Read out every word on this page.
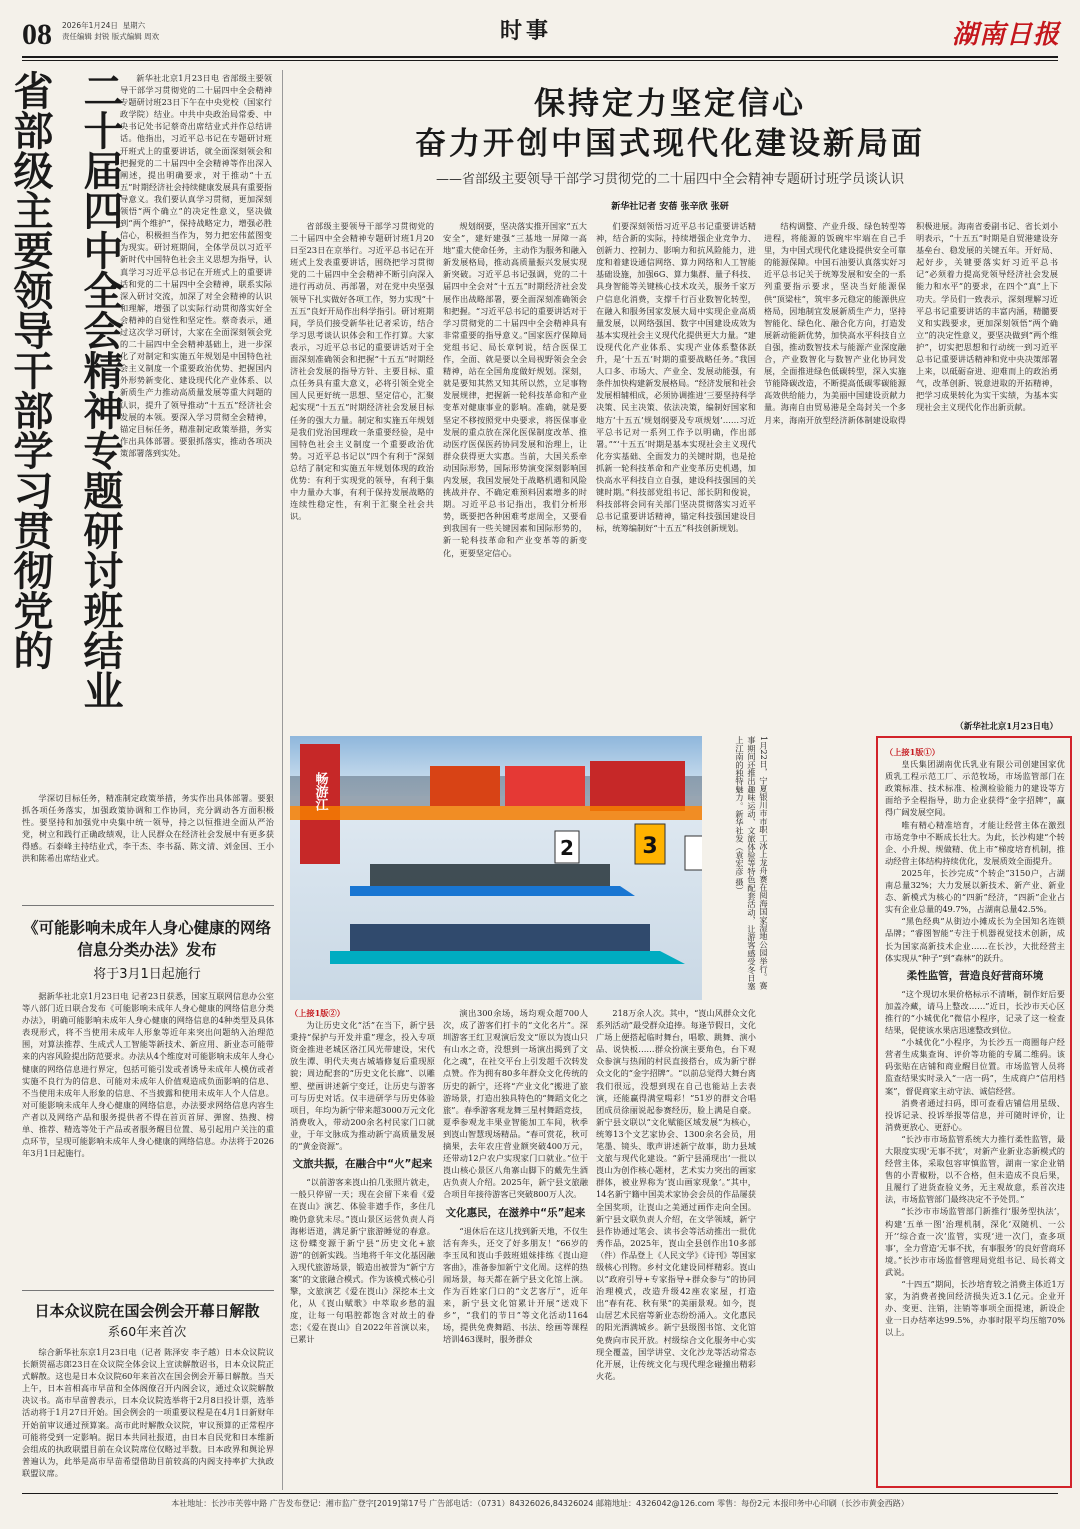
08 2026年1月24日 星期六
责任编辑 封锐 版式编辑 周欢	时事	湖南日报
二十届四中全会精神专题研讨班结业
省部级主要领导干部学习贯彻党的	新华社北京1月23日电 省部级主要领导干部学习贯彻党的二十届四中全会精神专题研讨班23日下午在中央党校（国家行政学院）结业。中共中央政治局常委、中央书记处书记蔡奇出席结业式并作总结讲话。他指出，习近平总书记在专题研讨班开班式上的重要讲话，就全面深刻领会和把握党的二十届四中全会精神等作出深入阐述，提出明确要求，对于推动“十五五”时期经济社会持续健康发展具有重要指导意义。我们要认真学习贯彻，更加深刻领悟“两个确立”的决定性意义，坚决做到“两个维护”，保持战略定力，增强必胜信心，积极担当作为，努力把宏伟蓝图变为现实。研讨班期间，全体学员以习近平新时代中国特色社会主义思想为指导，认真学习习近平总书记在开班式上的重要讲话和党的二十届四中全会精神，联系实际深入研讨交流，加深了对全会精神的认识和理解，增强了以实际行动贯彻落实好全会精神的自觉性和坚定性。蔡奇表示，通过这次学习研讨，大家在全面深刻领会党的二十届四中全会精神基础上，进一步深化了对制定和实施五年规划是中国特色社会主义制度一个重要政治优势、把握国内外形势新变化、建设现代化产业体系、以新质生产力推动高质量发展等重大问题的认识，提升了领导推动“十五五”经济社会发展的本领。要深入学习贯彻全会精神，锚定目标任务，精准制定政策举措，务实作出具体部署。要狠抓落实，推动各项决策部署落到实处。

学深切目标任务，精准制定政策举措，务实作出具体部署。要狠抓各项任务落实，加强政策协调和工作协同，充分调动各方面积极性。要坚持和加强党中央集中统一领导，持之以恒推进全面从严治党，树立和践行正确政绩观，让人民群众在经济社会发展中有更多获得感。石泰峰主持结业式，李干杰、李书磊、陈文清、刘金国、王小洪和陈希出席结业式。

《可能影响未成年人身心健康的网络信息分类办法》发布
将于3月1日起施行

据新华社北京1月23日电 记者23日获悉，国家互联网信息办公室等八部门近日联合发布《可能影响未成年人身心健康的网络信息分类办法》，明确可能影响未成年人身心健康的网络信息的4种类型及具体表现形式，将不当使用未成年人形象等近年来突出问题纳入治理范围，对算法推荐、生成式人工智能等新技术、新应用、新业态可能带来的内容风险提出防范要求。办法从4个维度对可能影响未成年人身心健康的网络信息进行界定，包括可能引发或者诱导未成年人模仿或者实施不良行为的信息、可能对未成年人价值观造成负面影响的信息、不当使用未成年人形象的信息、不当披露和使用未成年人个人信息。对可能影响未成年人身心健康的网络信息，办法要求网络信息内容生产者以及网络产品和服务提供者不得在首页首屏、弹窗、热搜、榜单、推荐、精选等处于产品或者服务醒目位置、易引起用户关注的重点环节，呈现可能影响未成年人身心健康的网络信息。办法将于2026年3月1日起施行。

日本众议院在国会例会开幕日解散
系60年来首次

综合新华社东京1月23日电（记者 陈泽安 李子越）日本众议院议长额贺福志郎23日在众议院全体会议上宣读解散诏书，日本众议院正式解散。这也是日本众议院60年来首次在国会例会开幕日解散。当天上午，日本首相高市早苗和全体阁僚召开内阁会议，通过众议院解散决议书。高市早苗曾表示，日本众议院选举将于2月8日投计票，选举活动将于1月27日开始。国会例会的一项重要议程是在4月1日新财年开始前审议通过预算案。高市此时解散众议院，审议预算的正常程序可能将受到一定影响。据日本共同社报道，由日本自民党和日本维新会组成的执政联盟目前在众议院席位仅略过半数。日本政界和舆论界普遍认为，此举是高市早苗希望借助目前较高的内阁支持率扩大执政联盟议席。

保持定力坚定信心
奋力开创中国式现代化建设新局面
——省部级主要领导干部学习贯彻党的二十届四中全会精神专题研讨班学员谈认识
新华社记者 安蓓 张辛欣 张研

省部级主要领导干部学习贯彻党的二十届四中全会精神专题研讨班1月20日至23日在京举行。习近平总书记在开班式上发表重要讲话，围绕把学习贯彻党的二十届四中全会精神不断引向深入进行再动员、再部署，对在党中央坚强领导下扎实做好各项工作，努力实现“十五五”良好开局作出科学指引。研讨班期间，学员们接受新华社记者采访，结合学习思考谈认识体会和工作打算。大家表示，习近平总书记的重要讲话对于全面深刻准确领会和把握“十五五”时期经济社会发展的指导方针、主要目标、重点任务具有重大意义，必将引领全党全国人民更好统一思想、坚定信心，汇聚起实现“十五五”时期经济社会发展目标任务的强大力量。制定和实施五年规划是我们党治国理政一条重要经验，是中国特色社会主义制度一个重要政治优势。习近平总书记以“四个有利于”深刻总结了制定和实施五年规划体现的政治优势：有利于实现党的领导，有利于集中力量办大事，有利于保持发展战略的连续性稳定性，有利于汇聚全社会共识。

规划纲要，坚决落实推开国家“五大安全”，建好建强“三基地一屏障一高地”重大使命任务，主动作为服务和融入新发展格局，推动高质量振兴发展实现新突破。习近平总书记强调，党的二十届四中全会对“十五五”时期经济社会发展作出战略部署，要全面深刻准确领会和把握。“习近平总书记的重要讲话对于学习贯彻党的二十届四中全会精神具有非常重要的指导意义。”国家医疗保障局党组书记、局长章轲说，结合医保工作，全面、就是要以全局视野领会全会精神，站在全国角度做好规划。深刻，就是要知其然又知其所以然，立足事物发展规律，把握新一轮科技革命和产业变革对健康事业的影响。准确，就是要坚定不移按照党中央要求，将医保事业发展的重点放在深化医保制度改革、推动医疗医保医药协同发展和治理上，让群众获得更大实惠。当前，大国关系牵动国际形势，国际形势演变深刻影响国内发展，我国发展处于战略机遇和风险挑战并存、不确定难预料因素增多的时期。习近平总书记指出，我们分析形势，既要把各种困难考虑周全，又要看到我国有一些关键因素和国际形势的，新一轮科技革命和产业变革等的新变化，更要坚定信心。

们要深刻领悟习近平总书记重要讲话精神，结合新的实际，持续增强企业竞争力、创新力、控制力、影响力和抗风险能力，进度和着建设通信网络、算力网络和人工智能基础设施，加强6G、算力集群、量子科技、具身智能等关键核心技术攻关，服务千家万户信息化消费，支撑千行百业数智化转型，在融入和服务国家发展大局中实现企业高质量发展，以网络强国、数字中国建设成效为基本实现社会主义现代化提供更大力量。“建设现代化产业体系、实现产业体系整体跃升，是‘十五五’时期的重要战略任务。”我国人口多、市场大、产业全、发展动能强，有条件加快构建新发展格局。“经济发展和社会发展相辅相成，必须协调推进‘三要坚持科学决策、民主决策、依法决策，编制好国家和地方‘十五五’规划纲要及专项规划’……习近平总书记对一系列工作予以明确，作出部署。”“‘十五五’时期是基本实现社会主义现代化夯实基础、全面发力的关键时期，也是抢抓新一轮科技革命和产业变革历史机遇，加快高水平科技自立自强，建设科技强国的关键时期。”科技部党组书记、部长阴和俊说，科技部将会同有关部门坚决贯彻落实习近平总书记重要讲话精神，锚定科技强国建设目标，统筹编制好“十五五”科技创新规划。

结构调整、产业升级、绿色转型等进程，将能源的饭碗牢牢端在自己手里，为中国式现代化建设提供安全可靠的能源保障。中国石油要认真落实好习近平总书记关于统筹发展和安全的一系列重要指示要求，坚决当好能源保供“顶梁柱”，筑牢多元稳定的能源供应格局，因地制宜发展新质生产力，坚持智能化、绿色化、融合化方向，打造发展新动能新优势，加快高水平科技自立自强，推动数智技术与能源产业深度融合，产业数智化与数智产业化协同发展，全面推进绿色低碳转型，深入实施节能降碳改造，不断提高低碳零碳能源高效供给能力，为美丽中国建设贡献力量。海南自由贸易港是全岛封关一个多月来，海南开放型经济新体制建设取得积极进展。海南省委副书记、省长刘小明表示，“十五五”时期是自贸港建设夯基垒台、稳发展的关键五年。开好局、起好步，关键要落实好习近平总书记“必须着力提高党领导经济社会发展能力和水平”的要求，在四个“真”上下功夫。学员们一致表示，深刻理解习近平总书记重要讲话的丰富内涵，精髓要义和实践要求，更加深刻领悟“两个确立”的决定性意义，要坚决做到“两个维护”，切实把思想和行动统一到习近平总书记重要讲话精神和党中央决策部署上来，以砥砺奋进、迎难而上的政治勇气，改革创新、锐意进取的开拓精神，把学习成果转化为实干实绩，为基本实现社会主义现代化作出新贡献。

（新华社北京1月23日电）
2	3
畅游江	1月22日，宁夏银川市市职工冰上龙舟赛在阅海国家湿地公园举行。赛事期间还推出趣味运动、文旅体验等特色配套活动，让游客感受冬日塞上江南的独特魅力。新华社发（袁宏彦 摄）
（上接1版②）

为让历史文化“活”在当下，新宁县秉持“保护与开发并重”理念，投入专项资金推进老城区洛江风光带建设，宋代放生潭、明代夫夷古城墙修复后重现原貌；周边配套的“历史文化长廊”、以雕塑、壁画讲述新宁变迁，让历史与游客可与历史对话。仅丰进研学与历史体验项目，年均为新宁带来超3000万元文化消费收入，带动200余名村民家门口就业，于年文脉成为推动新宁高质量发展的“黄金资源”。

文旅共振，在融合中“火”起来

“以前游客来崀山拍几张照片就走，一般只停留一天；现在会留下来看《爱在崀山》演艺、体验非遗手作，多住几晚仍意犹未尽。”崀山景区运营负责人肖海彬语道，满足新宁旅游睡觉的春意。这份蝶变源于新宁县“历史文化+旅游”的创新实践。当地将千年文化基因融入现代旅游场景，锻造出被誉为“新宁方案”的文旅融合模式。作为该模式核心引擎，文旅演艺《爱在崀山》深挖本土文化，从《崀山赋歌》中萃取乡愁的温度，让每一句唱腔都饱含对故土的眷恋；《爱在崀山》自2022年首演以来，已累计

演出300余场，场均观众超700人次，成了游客们打卡的“文化名片”。深圳游客王红卫观演后发文“原以为崀山只有山水之奇，没想到一场演出揭到了文化之魂”，在社交平台上引发超千次转发点赞。作为拥有80多年群众文化传统的历史的新宁，还将“产业文化”搬进了旅游场景，打造出独具特色的“舞蹈文化之旅”。春季游客观龙舞三星村舞蹈竞技，夏季参观龙丰果业智能加工车间，秋季到崀山智慧现场精品。“春可赏花，秋可摘果，去年农庄营业额突破400万元，还带动12户农户实现家门口就业。”位于崀山核心景区八角寨山脚下的戴先生酒店负责人介绍。2025年，新宁县文旅融合项目年接待游客已突破800万人次。

文化惠民，在滋养中“乐”起来

“退休后在这儿找到新天地，不仅生活有奔头，还交了好多朋友！”66岁的李玉凤和崀山手鼓班姐妹排练《崀山迎客曲》，准备参加新宁文化周。这样的热闹场景，每天都在新宁县文化馆上演。作为百姓家门口的“文艺客厅”，近年来，新宁县文化馆累计开展“送戏下乡”，“我们的节日”等文化活动1164场，提供免费舞蹈、书法、绘画等课程培训463课时，服务群众

218万余人次。其中，“崀山风群众文化系列活动”最受群众追捧。每逢节假日，文化广场上便搭起临时舞台，唱歌、跳舞、演小品、说快板……群众扮演主要角色，台下观众参演与热闹的村民直接搭台，成为新宁群众文化的“金字招牌”。“以前总觉得大舞台离我们很远，没想到现在自己也能站上去表演，还能赢得满堂喝彩！”51岁的群文合唱团成员徐丽说起参赛经历，脸上满是自豪。新宁县文联以“文化赋能区域发展”为核心，统筹13个文艺家协会、1300余名会员，用笔墨、镜头、歌声讲述新宁故事，助力县域文旅与现代化建设。“新宁县涌现出‘一批以崀山为创作核心题材，艺术实力突出的画家群体，被业界称为‘崀山画家现象’。”其中，14名新宁籍中国美术家协会会员的作品屡获全国奖项，让崀山之美通过画作走向全国。新宁县文联负责人介绍，在文学领域，新宁县作协通过笔会、读书会等活动推出一批优秀作品，2025年，崀山全县创作出10多部（件）作品登上《人民文学》《诗刊》等国家级核心刊物。乡村文化建设同样精彩。崀山以“政府引导+专家指导+群众参与”的协同治理模式，改造升级42座农家屋，打造出“春有花、秋有果”的美丽景观。如今，崀山居艺术民宿等新业态纷纷涌入。文化惠民的阳光洒满城乡。新宁县级图书馆、文化馆免费向市民开放。村级综合文化服务中心实现全覆盖，国学讲堂、文化沙龙等活动常态化开展，让传统文化与现代理念碰撞出精彩火花。

（上接1版①）

皇氏集团湖南优氏乳业有限公司创建国家优质乳工程示范工厂、示范牧场，市场监管部门在政策标准、技术标准、检测检验能力的建设等方面给予全程指导，助力企业获得“金字招牌”，赢得广阔发展空间。

唯有精心精准培育，才能让经营主体在激烈市场竞争中不断成长壮大。为此，长沙构建“个转企、小升规、规做精、优上市”梯度培育机制，推动经营主体结构持续优化，发展质效全面提升。

2025年，长沙完成“个转企”3150户，占湖南总量32%；大力发展以新技术、新产业、新业态、新模式为核心的“四新”经济，“四新”企业占实有企业总量的49.7%，占湖南总量42.5%。

“黑色经典”从街边小摊成长为全国知名连锁品牌；“睿图智能”专注于机器视觉技术创新，成长为国家高新技术企业……在长沙，大批经营主体实现从“种子”到“森林”的跃升。

柔性监管，营造良好营商环境

“这个现切水果价格标示不清晰，制作好后要加盖冷藏，请马上整改……”近日，长沙市天心区推行的“小城优化”微信小程序，记录了这一检查结果，促使该水果店迅速整改到位。

“小城优化”小程序，为长沙五一商圈每户经营者生成集查询、评价等功能的专属二维码。该码张贴在店铺和商业醒目位置。市场监管人员将监查结果实时录入“一店一码”，生成商户“信用档案”，督促商家主动守法、诚信经营。

消费者通过扫码，即可查看店铺信用星级、投诉记录、投诉举报等信息，并可随时评价，让消费更放心、更舒心。

“长沙市市场监管系统大力推行柔性监管，最大限度实现‘无事不扰’，对新产业新业态新模式的经营主体，采取包容审慎监管，湖南一家企业销售的小青椒粉，以不合格，但未造成不良后果，且履行了进货查验义务，无主观故意，系首次违法，市场监管部门最终决定不予处罚。”

“长沙市市场监管部门新推行‘服务型执法’，构建‘五单一图’治理机制，深化‘双随机、一公开’‘综合查一次’监管，实现‘进一次门，查多项事’，全力营造‘无事不扰，有事服务’的良好营商环境。”长沙市市场监督管理局党组书记、局长蒋文武说。

“十四五”期间，长沙培育较之消费主体近1万家，为消费者挽回经济损失近3.1亿元。企业开办、变更、注销，注销等事项全面提速，新设企业一日办结率达99.5%，办事时限平均压缩70%以上。

本社地址：长沙市芙蓉中路 广告发布登记：湘市监广登字[2019]第17号 广告部电话：（0731）84326026,84326024 邮箱地址：4326042@126.com 零售：每份2元 本报印务中心印刷（长沙市黄金西路）
